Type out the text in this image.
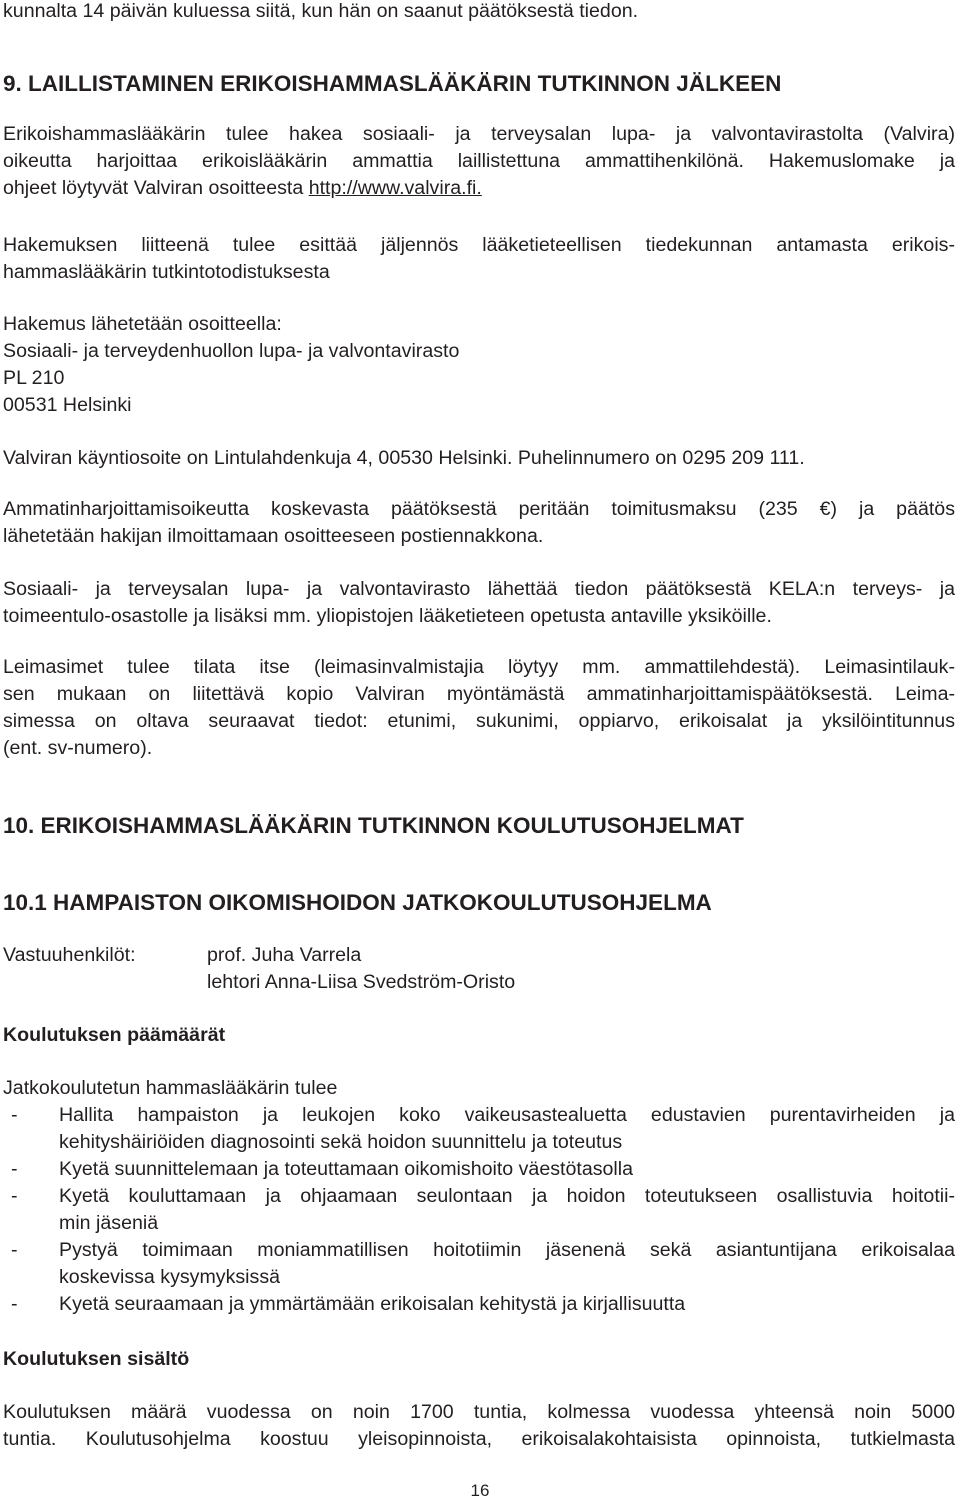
kunnalta 14 päivän kuluessa siitä, kun hän on saanut päätöksestä tiedon.
9. LAILLISTAMINEN ERIKOISHAMMASLÄÄKÄRIN TUTKINNON JÄLKEEN
Erikoishammaslääkärin tulee hakea sosiaali- ja terveysalan lupa- ja valvontavirastolta (Valvira)
oikeutta harjoittaa erikoislääkärin ammattia laillistettuna ammattihenkilönä. Hakemuslomake ja
ohjeet löytyvät Valviran osoitteesta http://www.valvira.fi.
Hakemuksen liitteenä tulee esittää jäljennös lääketieteellisen tiedekunnan antamasta erikois-
hammaslääkärin tutkintotodistuksesta
Hakemus lähetetään osoitteella:
Sosiaali- ja terveydenhuollon lupa- ja valvontavirasto
PL 210
00531 Helsinki
Valviran käyntiosoite on Lintulahdenkuja 4, 00530 Helsinki. Puhelinnumero on 0295 209 111.
Ammatinharjoittamisoikeutta koskevasta päätöksestä peritään toimitusmaksu (235 €) ja päätös
lähetetään hakijan ilmoittamaan osoitteeseen postiennakkona.
Sosiaali- ja terveysalan lupa- ja valvontavirasto lähettää tiedon päätöksestä KELA:n terveys- ja
toimeentulo-osastolle ja lisäksi mm. yliopistojen lääketieteen opetusta antaville yksiköille.
Leimasimet tulee tilata itse (leimasinvalmistajia löytyy mm. ammattilehdestä). Leimasintilauk-
sen mukaan on liitettävä kopio Valviran myöntämästä ammatinharjoittamispäätöksestä. Leima-
simessa on oltava seuraavat tiedot: etunimi, sukunimi, oppiarvo, erikoisalat ja yksilöintitunnus
(ent. sv-numero).
10. ERIKOISHAMMASLÄÄKÄRIN TUTKINNON KOULUTUSOHJELMAT
10.1 HAMPAISTON OIKOMISHOIDON JATKOKOULUTUSOHJELMA
Vastuuhenkilöt:	prof. Juha Varrela
lehtori Anna-Liisa Svedström-Oristo
Koulutuksen päämäärät
Jatkokoulutetun hammaslääkärin tulee
-	Hallita hampaiston ja leukojen koko vaikeusastealuetta edustavien purentavirheiden ja
kehityshäiriöiden diagnosointi sekä hoidon suunnittelu ja toteutus
-	Kyetä suunnittelemaan ja toteuttamaan oikomishoito väestötasolla
-	Kyetä kouluttamaan ja ohjaamaan seulontaan ja hoidon toteutukseen osallistuvia hoitotii-
min jäseniä
-	Pystyä toimimaan moniammatillisen hoitotiimin jäsenenä sekä asiantuntijana erikoisalaa
koskevissa kysymyksissä
-	Kyetä seuraamaan ja ymmärtämään erikoisalan kehitystä ja kirjallisuutta
Koulutuksen sisältö
Koulutuksen määrä vuodessa on noin 1700 tuntia, kolmessa vuodessa yhteensä noin 5000
tuntia. Koulutusohjelma koostuu yleisopinnoista, erikoisalakohtaisista opinnoista, tutkielmasta
16
